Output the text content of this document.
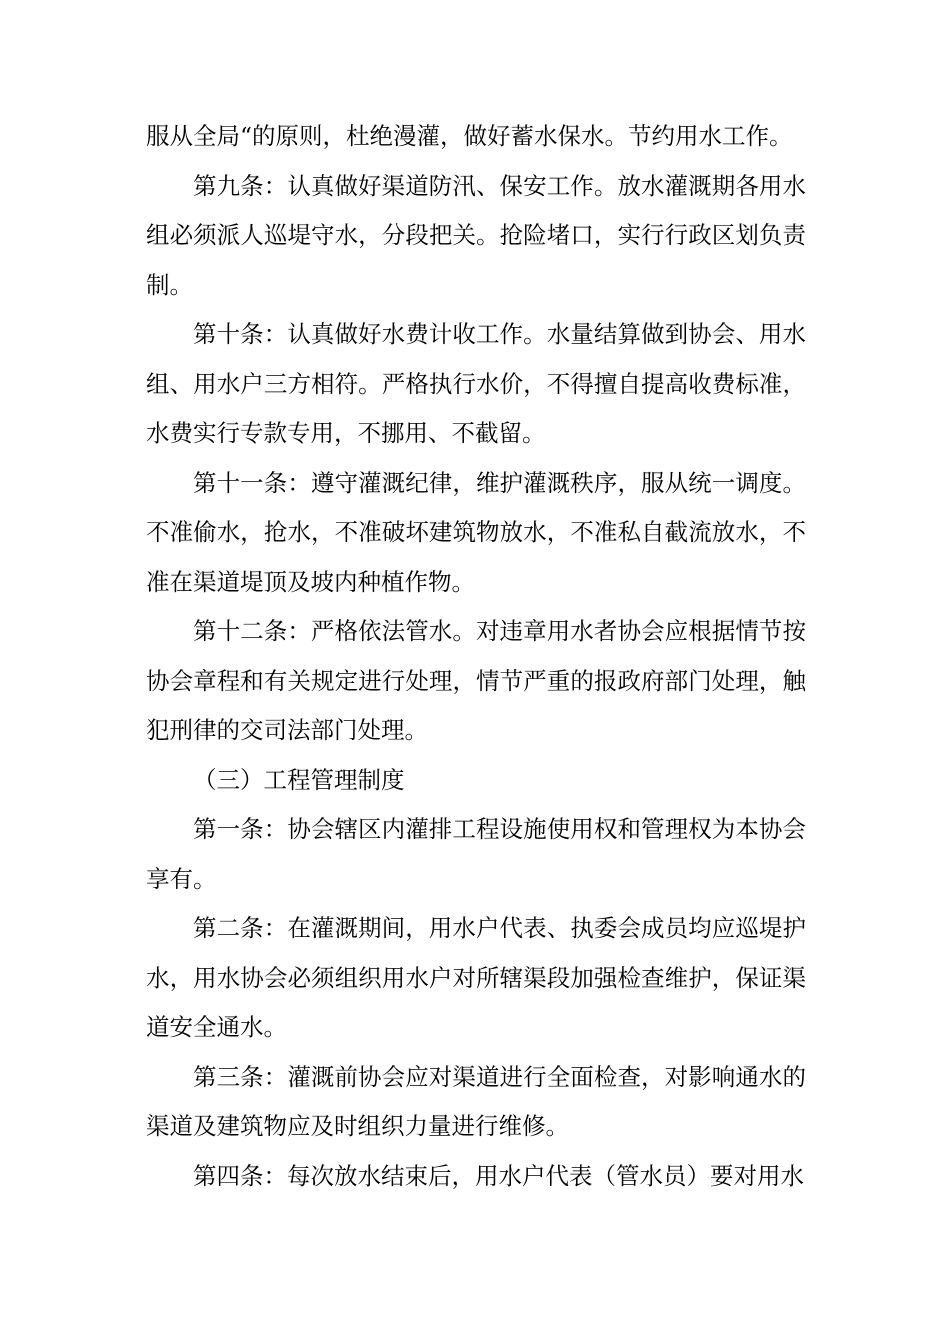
服从全局“的原则，杜绝漫灌，做好蓄水保水。节约用水工作。

第九条：认真做好渠道防汛、保安工作。放水灌溉期各用水组必须派人巡堤守水，分段把关。抢险堵口，实行行政区划负责制。

第十条：认真做好水费计收工作。水量结算做到协会、用水组、用水户三方相符。严格执行水价，不得擅自提高收费标准，水费实行专款专用，不挪用、不截留。

第十一条：遵守灌溉纪律，维护灌溉秩序，服从统一调度。不准偷水，抢水，不准破坏建筑物放水，不准私自截流放水，不准在渠道堤顶及坡内种植作物。

第十二条：严格依法管水。对违章用水者协会应根据情节按协会章程和有关规定进行处理，情节严重的报政府部门处理，触犯刑律的交司法部门处理。

（三）工程管理制度

第一条：协会辖区内灌排工程设施使用权和管理权为本协会享有。

第二条：在灌溉期间，用水户代表、执委会成员均应巡堤护水，用水协会必须组织用水户对所辖渠段加强检查维护，保证渠道安全通水。

第三条：灌溉前协会应对渠道进行全面检查，对影响通水的渠道及建筑物应及时组织力量进行维修。

第四条：每次放水结束后，用水户代表（管水员）要对用水
